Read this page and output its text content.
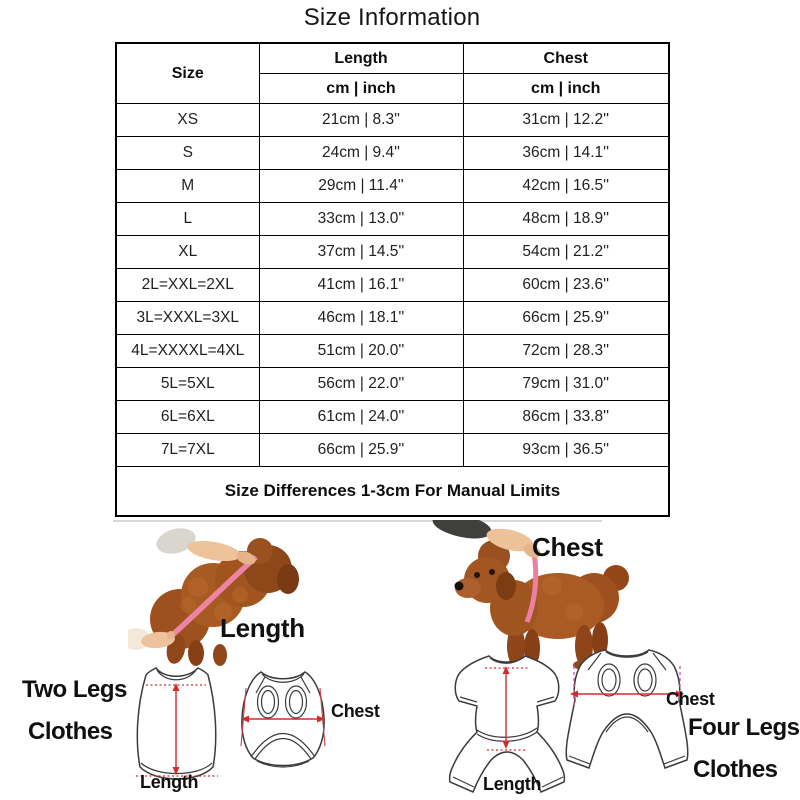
Size Information
Size	Length	Chest
	cm | inch	cm | inch
XS	21cm | 8.3''	31cm | 12.2''
S	24cm | 9.4''	36cm | 14.1''
M	29cm | 11.4''	42cm | 16.5''
L	33cm | 13.0''	48cm | 18.9''
XL	37cm | 14.5''	54cm | 21.2''
2L=XXL=2XL	41cm | 16.1''	60cm | 23.6''
3L=XXXL=3XL	46cm | 18.1''	66cm | 25.9''
4L=XXXXL=4XL	51cm | 20.0''	72cm | 28.3''
5L=5XL	56cm | 22.0''	79cm | 31.0''
6L=6XL	61cm | 24.0''	86cm | 33.8''
7L=7XL	66cm | 25.9''	93cm | 36.5''
Size Differences 1-3cm For Manual Limits		
Length
Chest
Two Legs
Clothes
Length
Chest
Length
Chest
Four Legs
Clothes
